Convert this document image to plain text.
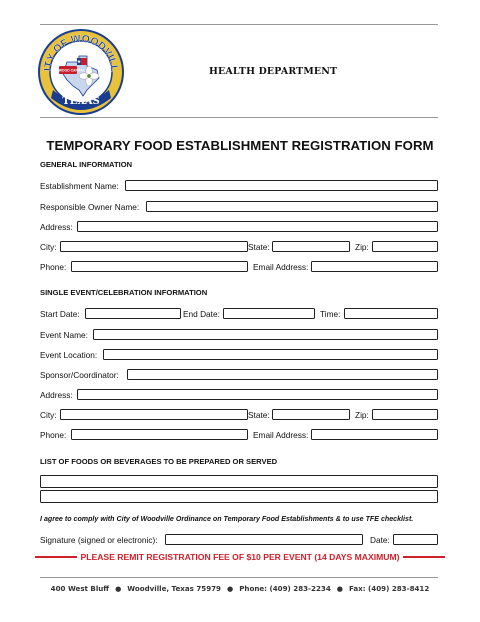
ITY OF WOODVILL
DOGWOOD CAPITAL
TEXAS
HEALTH DEPARTMENT
TEMPORARY FOOD ESTABLISHMENT REGISTRATION FORM
GENERAL INFORMATION
Establishment Name:
Responsible Owner Name:
Address:
City:	State:	Zip:
Phone:	Email Address:
SINGLE EVENT/CELEBRATION INFORMATION
Start Date:	End Date:	Time:
Event Name:
Event Location:
Sponsor/Coordinator:
Address:
City:	State:	Zip:
Phone:	Email Address:
LIST OF FOODS OR BEVERAGES TO BE PREPARED OR SERVED
I agree to comply with City of Woodville Ordinance on Temporary Food Establishments & to use TFE checklist.
Signature (signed or electronic):	Date:
PLEASE REMIT REGISTRATION FEE OF $10 PER EVENT (14 DAYS MAXIMUM)
400 West Bluff ● Woodville, Texas 75979 ● Phone: (409) 283-2234 ● Fax: (409) 283-8412
